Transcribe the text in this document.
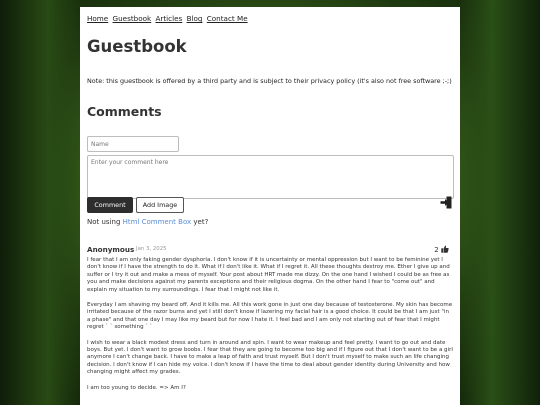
Home Guestbook Articles Blog Contact Me
Guestbook
Note: this guestbook is offered by a third party and is subject to their privacy policy (it's also not free software ;-;)
Comments
Name
Enter your comment here
Comment	Add Image
Not using Html Comment Box yet?
Anonymous Jan 3, 2025	2

I fear that I am only faking gender dysphoria. I don't know if it is uncertainty or mental oppression but I want to be feminine yet I don't know if I have the strength to do it. What if I don't like it. What if I regret it. All these thoughts destroy me. Ether I give up and suffer or I try it out and make a mess of myself. Your post about HRT made me dizzy. On the one hand I wished I could be as free as you and make decisions against my parents exceptions and their religious dogma. On the other hand I fear to "come out" and explain my situation to my surroundings. I fear that I might not like it.

Everyday I am shaving my beard off. And it kills me. All this work gone in just one day because of testosterone. My skin has become irritated because of the razor burns and yet I still don't know if lazering my facial hair is a good choice. It could be that I am just "in a phase" and that one day I may like my beard but for now I hate it. I feel bad and I am only not starting out of fear that I might regret ` ` something ` `

I wish to wear a black modest dress and turn in around and spin. I want to wear makeup and feel pretty. I want to go out and date boys. But yet. I don't want to grow boobs. I fear that they are going to become too big and if I figure out that I don't want to be a girl anymore I can't change back. I have to make a leap of faith and trust myself. But I don't trust myself to make such an life changing decision. I don't know if I can hide my voice. I don't know if I have the time to deal about gender identity during University and how changing might affect my grades.

I am too young to decide. => Am I?
